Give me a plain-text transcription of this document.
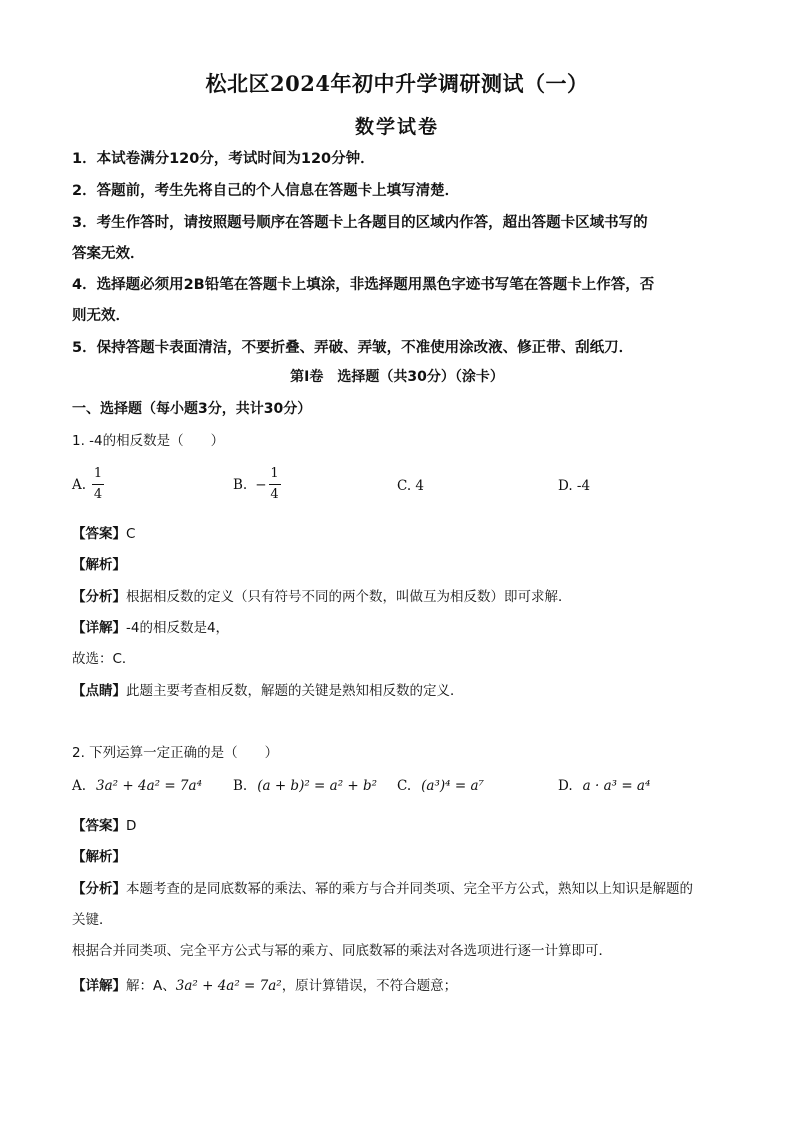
松北区2024年初中升学调研测试（一）
数学试卷
1．本试卷满分120分，考试时间为120分钟．
2．答题前，考生先将自己的个人信息在答题卡上填写清楚．
3．考生作答时，请按照题号顺序在答题卡上各题目的区域内作答，超出答题卡区域书写的
答案无效．
4．选择题必须用2B铅笔在答题卡上填涂，非选择题用黑色字迹书写笔在答题卡上作答，否
则无效．
5．保持答题卡表面清洁，不要折叠、弄破、弄皱，不准使用涂改液、修正带、刮纸刀．
第Ⅰ卷　选择题（共30分）（涂卡）
一、选择题（每小题3分，共计30分）
1. -4的相反数是（　　）
A. $\frac{1}{4}$	B. − $\frac{1}{4}$	C. 4	D. -4
【答案】C
【解析】
【分析】根据相反数的定义（只有符号不同的两个数，叫做互为相反数）即可求解．
【详解】-4的相反数是4，
故选：C．
【点睛】此题主要考查相反数，解题的关键是熟知相反数的定义．
2. 下列运算一定正确的是（　　）
A. 3a² + 4a² = 7a⁴ B. (a + b)² = a² + b² C. (a³)⁴ = a⁷	D. a · a³ = a⁴
【答案】D
【解析】
【分析】本题考查的是同底数幂的乘法、幂的乘方与合并同类项、完全平方公式，熟知以上知识是解题的
关键．
根据合并同类项、完全平方公式与幂的乘方、同底数幂的乘法对各选项进行逐一计算即可．
【详解】解：A、3a² + 4a² = 7a²，原计算错误，不符合题意；
